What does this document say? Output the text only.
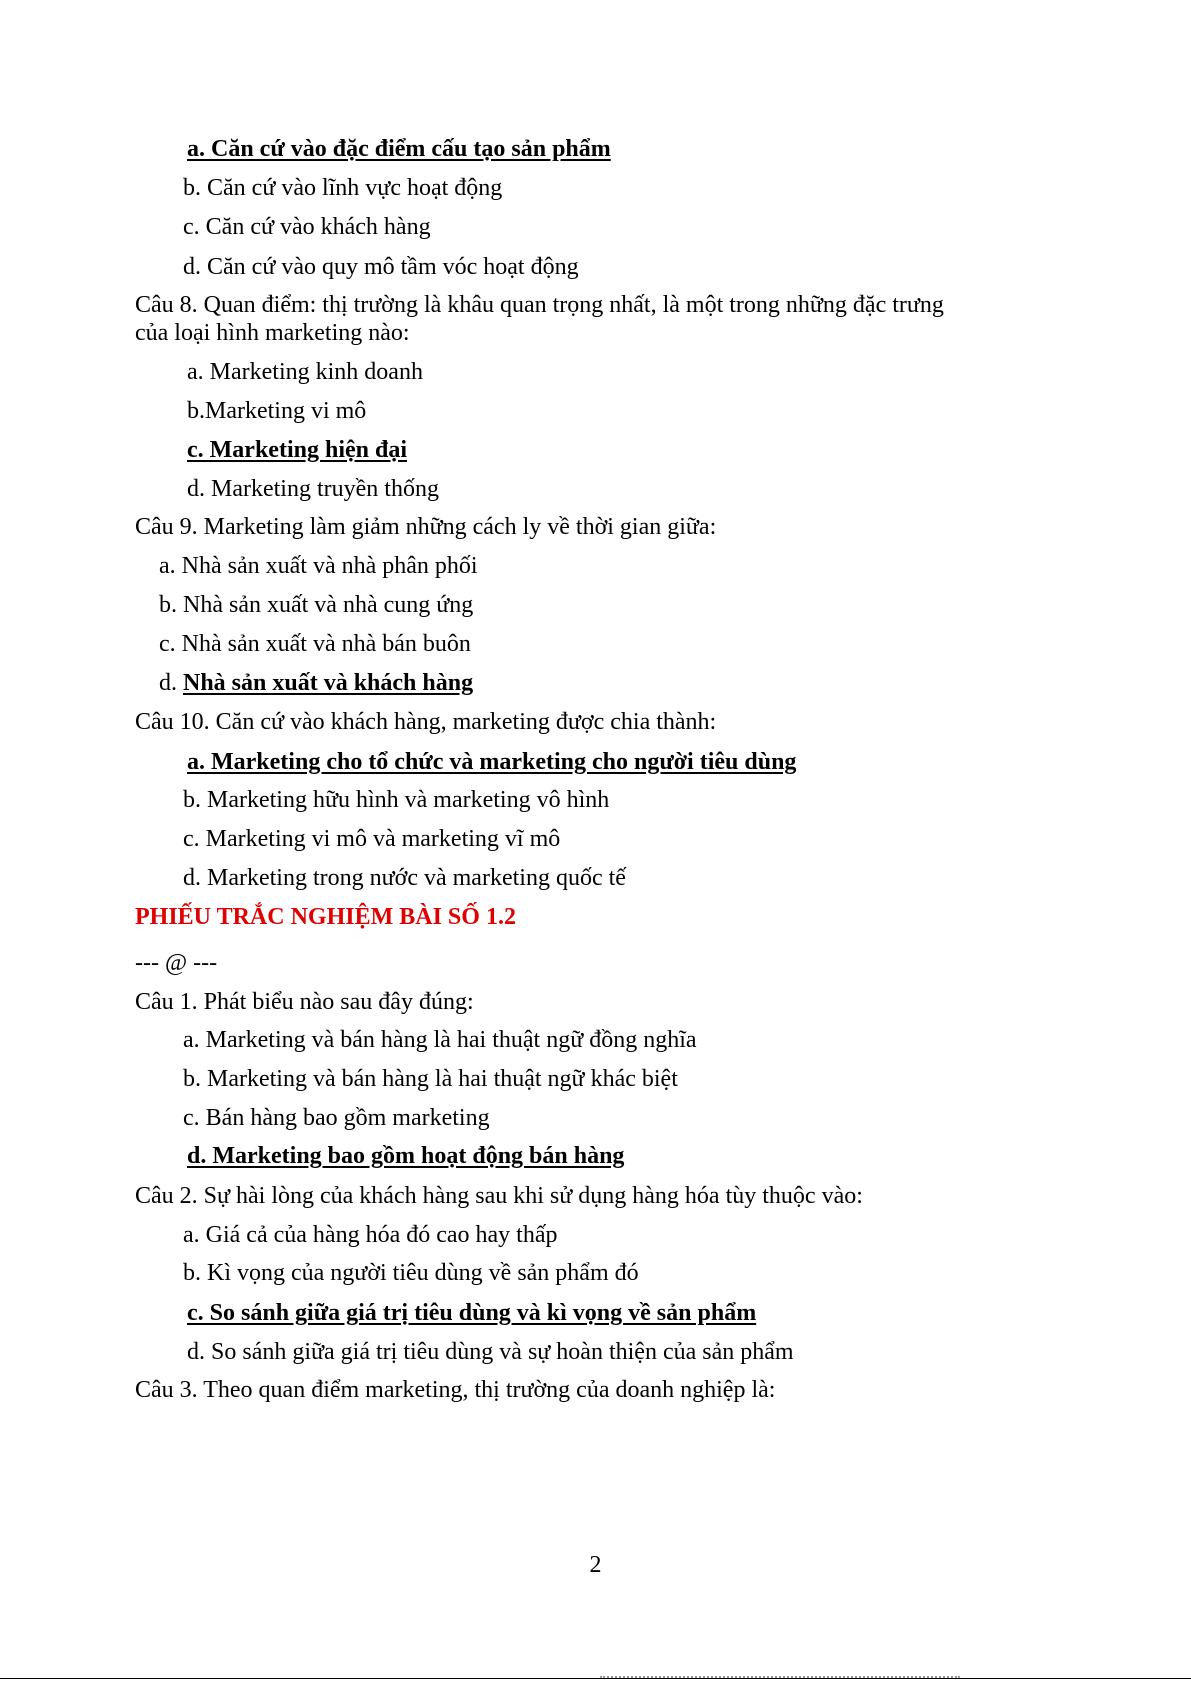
a. Căn cứ vào đặc điểm cấu tạo sản phẩm
b. Căn cứ vào lĩnh vực hoạt động
c. Căn cứ vào khách hàng
d. Căn cứ vào quy mô tầm vóc hoạt động
Câu 8. Quan điểm: thị trường là khâu quan trọng nhất, là một trong những đặc trưng
của loại hình marketing nào:
a. Marketing kinh doanh
b.Marketing vi mô
c. Marketing hiện đại
d. Marketing truyền thống
Câu 9. Marketing làm giảm những cách ly về thời gian giữa:
a. Nhà sản xuất và nhà phân phối
b. Nhà sản xuất và nhà cung ứng
c. Nhà sản xuất và nhà bán buôn
d. Nhà sản xuất và khách hàng
Câu 10. Căn cứ vào khách hàng, marketing được chia thành:
a. Marketing cho tổ chức và marketing cho người tiêu dùng
b. Marketing hữu hình và marketing vô hình
c. Marketing vi mô và marketing vĩ mô
d. Marketing trong nước và marketing quốc tế
PHIẾU TRẮC NGHIỆM BÀI SỐ 1.2
--- @ ---
Câu 1. Phát biểu nào sau đây đúng:
a. Marketing và bán hàng là hai thuật ngữ đồng nghĩa
b. Marketing và bán hàng là hai thuật ngữ khác biệt
c. Bán hàng bao gồm marketing
d. Marketing bao gồm hoạt động bán hàng
Câu 2. Sự hài lòng của khách hàng sau khi sử dụng hàng hóa tùy thuộc vào:
a. Giá cả của hàng hóa đó cao hay thấp
b. Kì vọng của người tiêu dùng về sản phẩm đó
c. So sánh giữa giá trị tiêu dùng và kì vọng về sản phẩm
d. So sánh giữa giá trị tiêu dùng và sự hoàn thiện của sản phẩm
Câu 3. Theo quan điểm marketing, thị trường của doanh nghiệp là:
2
